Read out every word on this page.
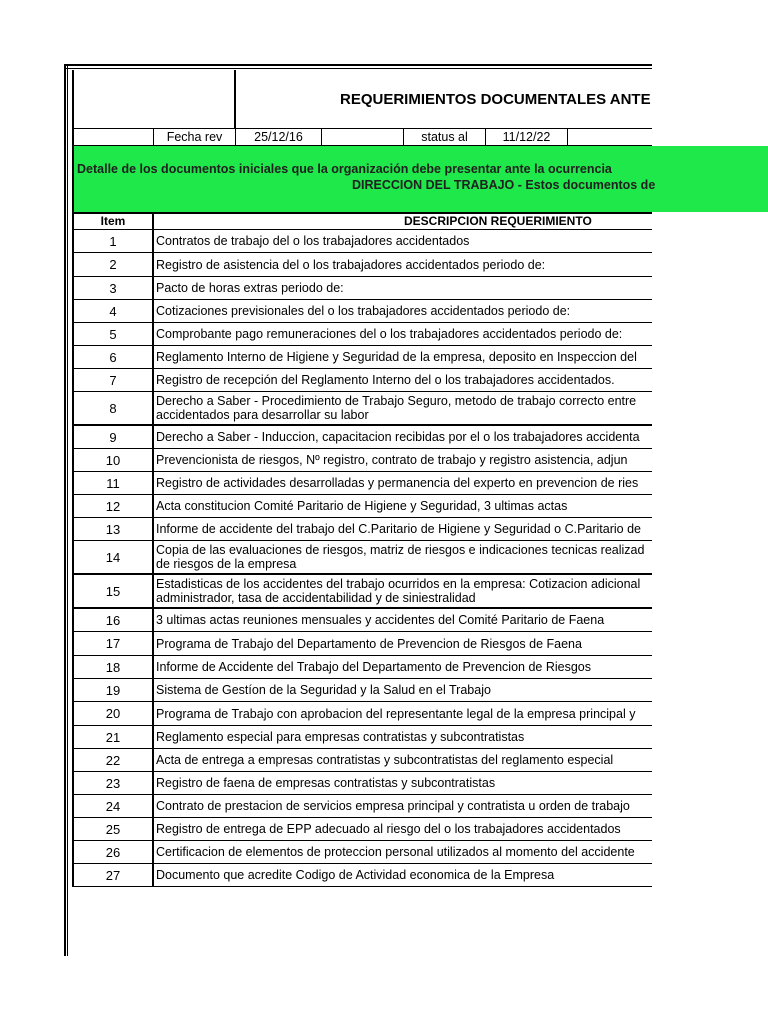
REQUERIMIENTOS DOCUMENTALES ANTE
Fecha rev	25/12/16	status al	11/12/22
Item	DESCRIPCION REQUERIMIENTO
1	Contratos de trabajo del o los trabajadores accidentados
2	Registro de asistencia del o los trabajadores accidentados periodo de:
3	Pacto de horas extras periodo de:
4	Cotizaciones previsionales del o los trabajadores accidentados periodo de:
5	Comprobante pago remuneraciones del o los trabajadores accidentados periodo de:
6	Reglamento Interno de Higiene y Seguridad de la empresa, deposito en Inspeccion del
7	Registro de recepción del Reglamento Interno del o los trabajadores accidentados.
8	Derecho a Saber - Procedimiento de Trabajo Seguro, metodo de trabajo correcto entre
accidentados para desarrollar su labor
9	Derecho a Saber - Induccion, capacitacion recibidas por el o los trabajadores accidenta
10	Prevencionista de riesgos, Nº registro, contrato de trabajo y registro asistencia, adjun
11	Registro de actividades desarrolladas y permanencia del experto en prevencion de ries
12	Acta constitucion Comité Paritario de Higiene y Seguridad, 3 ultimas actas
13	Informe de accidente del trabajo del C.Paritario de Higiene y Seguridad o C.Paritario de
14	Copia de las evaluaciones de riesgos, matriz de riesgos e indicaciones tecnicas realizad
de riesgos de la empresa
15	Estadisticas de los accidentes del trabajo ocurridos en la empresa: Cotizacion adicional
administrador, tasa de accidentabilidad y de siniestralidad
16	3 ultimas actas reuniones mensuales y accidentes del Comité Paritario de Faena
17	Programa de Trabajo del Departamento de Prevencion de Riesgos de Faena
18	Informe de Accidente del Trabajo del Departamento de Prevencion de Riesgos
19	Sistema de Gestíon de la Seguridad y la Salud en el Trabajo
20	Programa de Trabajo con aprobacion del representante legal de la empresa principal y
21	Reglamento especial para empresas contratistas y subcontratistas
22	Acta de entrega a empresas contratistas y subcontratistas del reglamento especial
23	Registro de faena de empresas contratistas y subcontratistas
24	Contrato de prestacion de servicios empresa principal y contratista u orden de trabajo
25	Registro de entrega de EPP adecuado al riesgo del o los trabajadores accidentados
26	Certificacion de elementos de proteccion personal utilizados al momento del accidente
27	Documento que acredite Codigo de Actividad economica de la Empresa
Detalle de los documentos iniciales que la organización debe presentar ante la ocurrencia
DIRECCION DEL TRABAJO - Estos documentos de
